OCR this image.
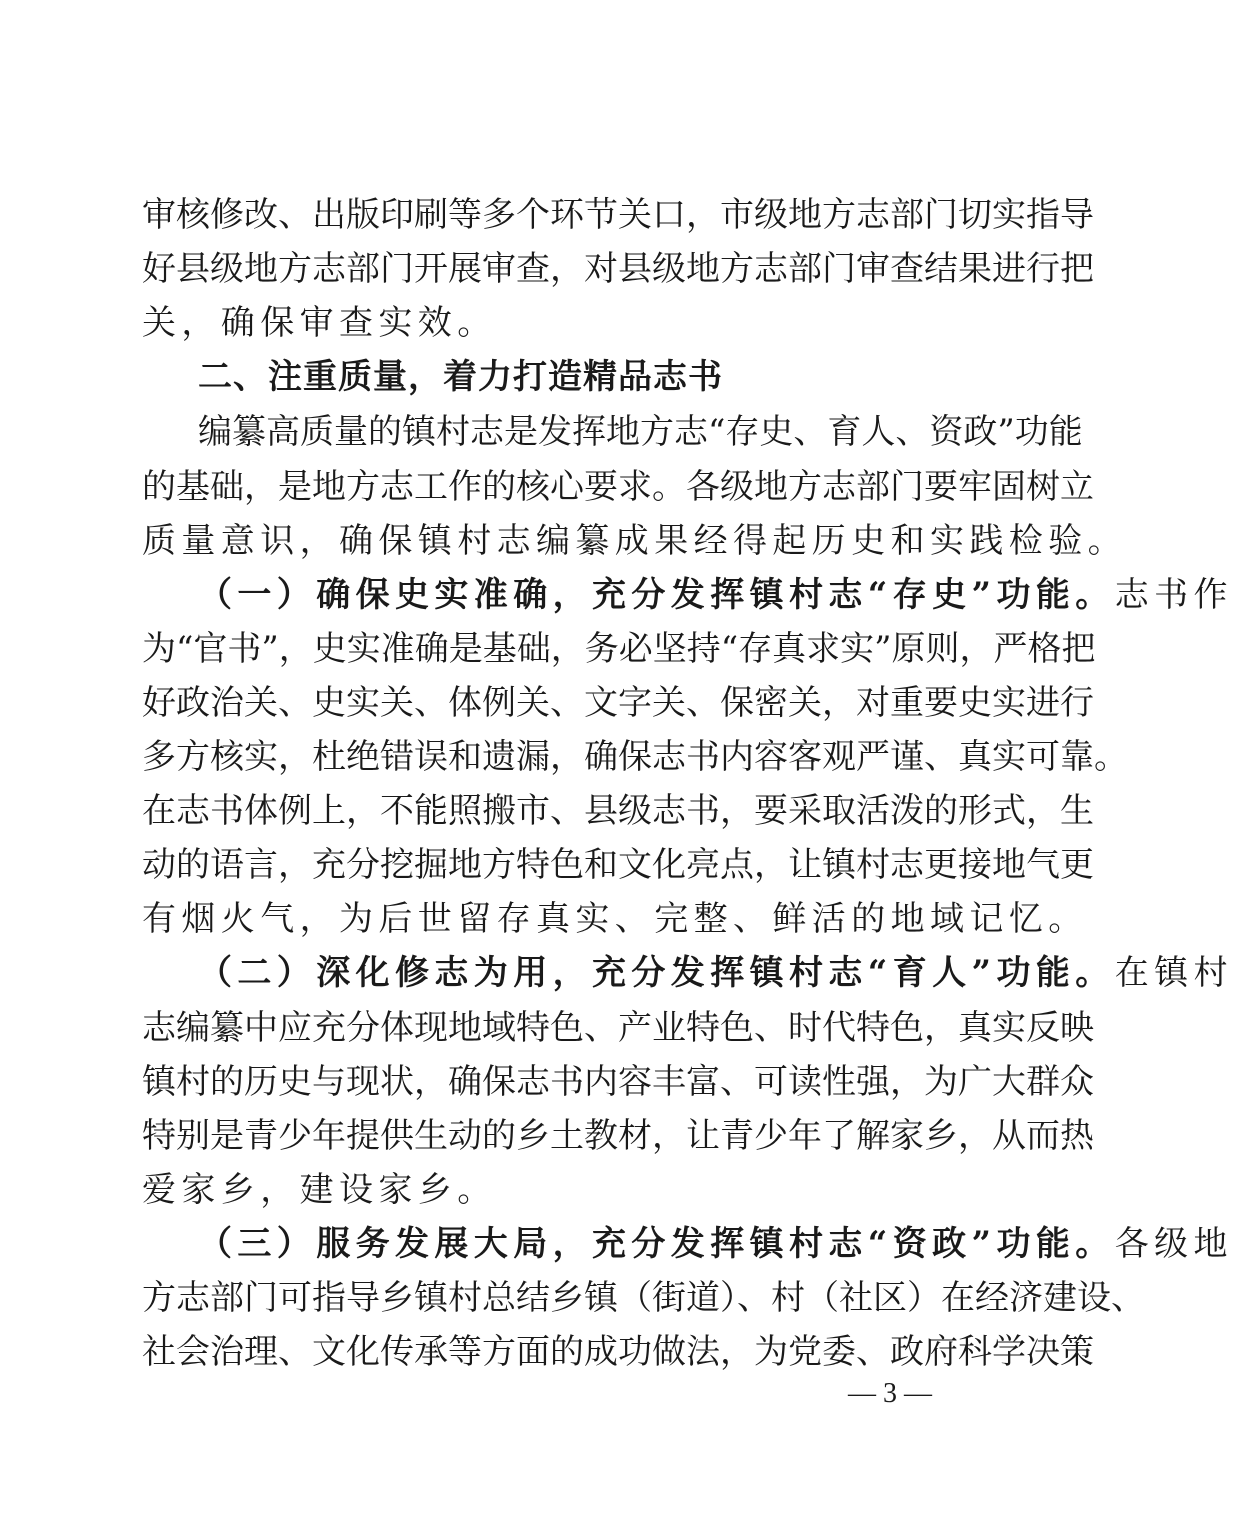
审核修改、出版印刷等多个环节关口，市级地方志部门切实指导
好县级地方志部门开展审查，对县级地方志部门审查结果进行把
关，确保审查实效。
二、注重质量，着力打造精品志书
编纂高质量的镇村志是发挥地方志“存史、育人、资政”功能
的基础，是地方志工作的核心要求。各级地方志部门要牢固树立
质量意识，确保镇村志编纂成果经得起历史和实践检验。
（一）确保史实准确，充分发挥镇村志“存史”功能。志书作
为“官书”，史实准确是基础，务必坚持“存真求实”原则，严格把
好政治关、史实关、体例关、文字关、保密关，对重要史实进行
多方核实，杜绝错误和遗漏，确保志书内容客观严谨、真实可靠。
在志书体例上，不能照搬市、县级志书，要采取活泼的形式，生
动的语言，充分挖掘地方特色和文化亮点，让镇村志更接地气更
有烟火气，为后世留存真实、完整、鲜活的地域记忆。
（二）深化修志为用，充分发挥镇村志“育人”功能。在镇村
志编纂中应充分体现地域特色、产业特色、时代特色，真实反映
镇村的历史与现状，确保志书内容丰富、可读性强，为广大群众
特别是青少年提供生动的乡土教材，让青少年了解家乡，从而热
爱家乡，建设家乡。
（三）服务发展大局，充分发挥镇村志“资政”功能。各级地
方志部门可指导乡镇村总结乡镇（街道）、村（社区）在经济建设、
社会治理、文化传承等方面的成功做法，为党委、政府科学决策
— 3 —
